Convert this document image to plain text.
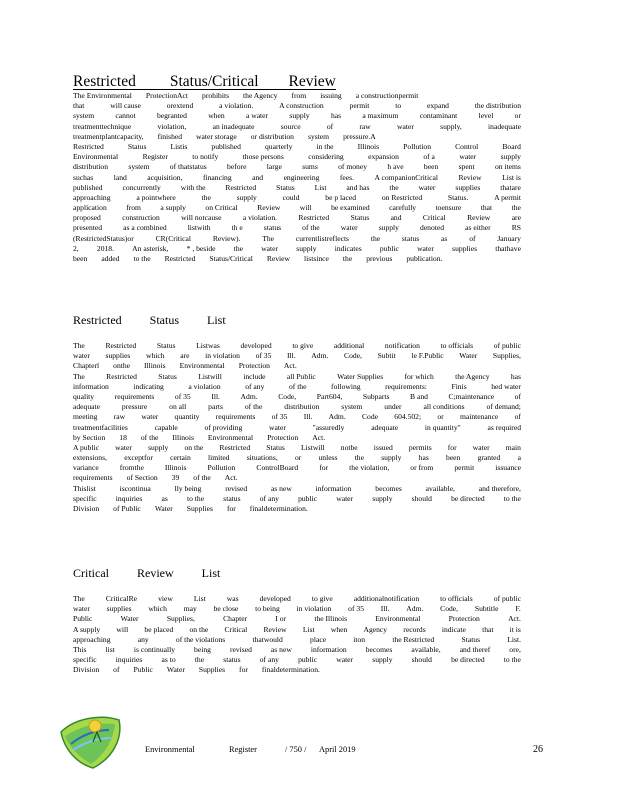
Restricted Status/Critical Review
The Environmental ProtectionAct prohibits the Agency from issuing a constructionpermit
that	will cause	orextend	a violation.	A construction	permit	to	expand	the distribution
system	cannot	begranted	when	a water	supply	has	a maximum	contaminant	level	or
treatmenttechnique	violation,	an inadequate	source	of	raw	water	supply,	inadequate
treatmentplantcapacity, finished water storage or distribution system pressure.A
Restricted	Status	Listis	published	quarterly	in the	Illinois	Pollution	Control	Board
Environmental	Register	to notify	those persons	considering	expansion	of a	water	supply
distribution	system	of thatstatus	before	large	sums	of money	h ave	been	spent	on items
suchas	land	acquisition,	financing	and	engineering	fees.	A companionCritical	Review	List is
published	concurrently	with the	Restricted	Status	List	and has	the	water	supplies	thatare
approaching	a pointwhere	the	supply	could	be p laced	on Restricted	Status.	A permit
application	from	a supply	on Critical	Review	will	be examined	carefully	toensure	that	the
proposed	construction	will notcause	a violation.	Restricted	Status	and	Critical	Review	are
presented	as a combined	listwith	th e	status	of the	water	supply	denoted	as either	RS
(RestrictedStatus)or	CR(Critical	Review).	The	currentlistreflects	the	status	as	of	January
2, 2018. An asterisk, * , beside the water supply indicates public water supplies thathave
been added to the Restricted Status/Critical Review listsince the previous publication.
Restricted Status List
The	Restricted	Status	Listwas	developed	to give	additional	notification	to officials	of public
water supplies which are in violation of 35 Ill. Adm. Code, Subtit le F.Public Water Supplies,
Chapterl onthe Illinois Environmental Protection Act.
The	Restricted	Status	Listwill	include	all Public	Water Supplies	for which	the Agency	has
information	indicating	a violation	of any	of the	following	requirements:	Finis	hed water
quality	requirements	of 35	Ill.	Adm.	Code,	Part604,	Subparts	B and	C;maintenance	of
adequate	pressure	on all	parts	of the	distribution	system	under	all conditions	of demand;
meeting raw water quantity requirements of 35 Ill. Adm. Code 604.502; or maintenance of
treatmentfacilities	capable	of providing	water	"assuredly	adequate	in quantity"	as required
by Section 18 of the Illinois Environmental Protection Act.
A public water supply on the Restricted Status Listwill notbe issued permits for water main
extensions, exceptfor certain limited situations, or unless the supply has been granted a
variance	fromthe	Illinois	Pollution	ControlBoard	for	the violation,	or from	permit	issuance
requirements of Section 39 of the Act.
Thislist	iscontinua	lly being	revised	as new	information	becomes	available,	and therefore,
specific	inquiries	as	to the	status	of any	public	water	supply	should	be directed	to the
Division of Public Water Supplies for finaldetermination.
Critical Review List
The	CriticalRe	view	List	was	developed	to give	additionalnotification	to officials	of public
water supplies which may be close to being in violation of 35 Ill. Adm. Code, Subtitle F.
Public	Water	Supplies,	Chapter	I or	the Illinois	Environmental	Protection	Act.
A supply will be placed on the Critical Review List when Agency records indicate that it is
approaching	any	of the violations	thatwould	place	iton	the Restricted	Status	List.
This	list	is continually	being	revised	as new	information	becomes	available,	and theref	ore,
specific	inquiries	as to	the	status	of any	public	water	supply	should	be directed	to the
Division of Public Water Supplies for finaldetermination.
Environmental	Register	/ 750 / April 2019	26
